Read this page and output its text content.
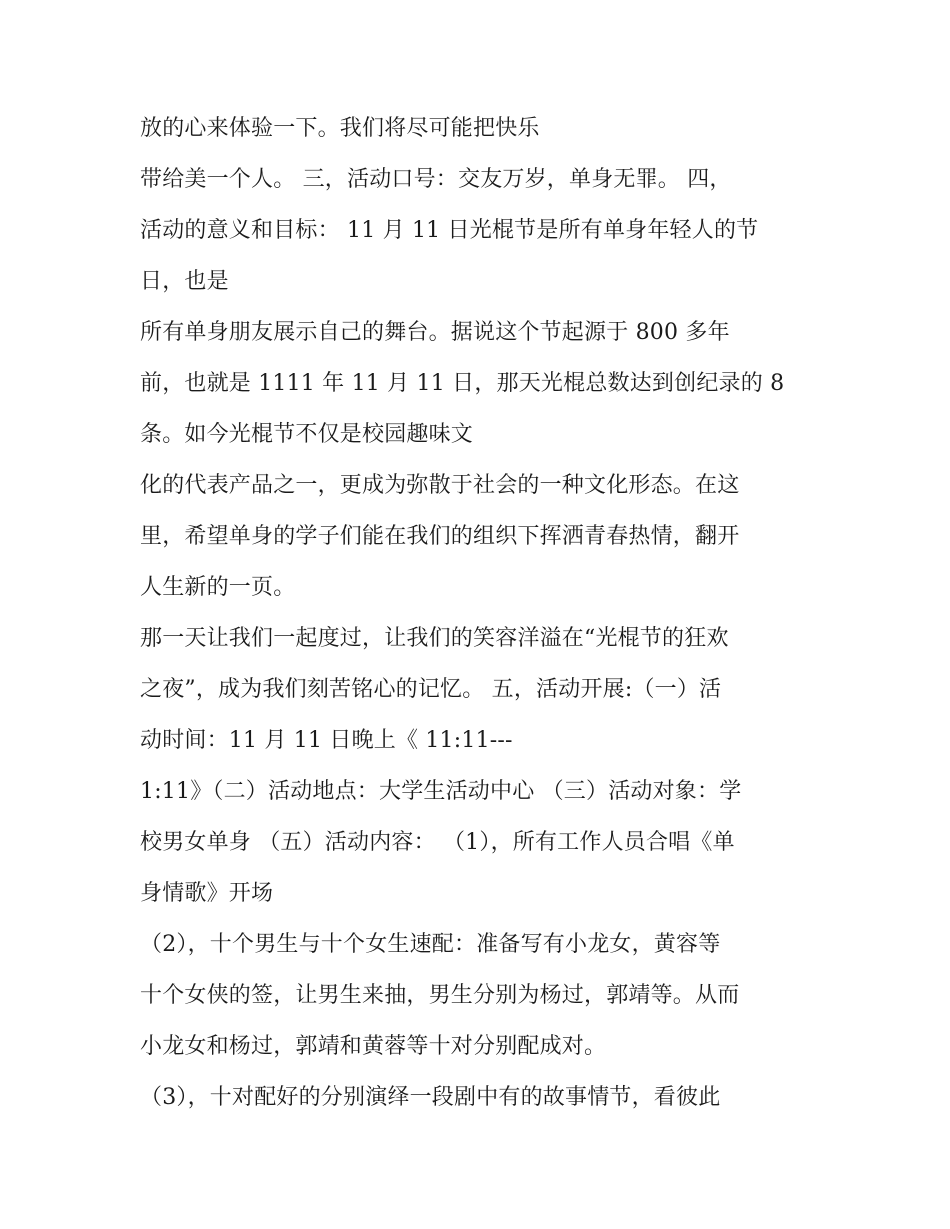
放的心来体验一下。我们将尽可能把快乐
带给美一个人。 三，活动口号：交友万岁，单身无罪。 四，
活动的意义和目标： 11 月 11 日光棍节是所有单身年轻人的节
日，也是
所有单身朋友展示自己的舞台。据说这个节起源于 800 多年
前，也就是 1111 年 11 月 11 日，那天光棍总数达到创纪录的 8
条。如今光棍节不仅是校园趣味文
化的代表产品之一，更成为弥散于社会的一种文化形态。在这
里，希望单身的学子们能在我们的组织下挥洒青春热情，翻开
人生新的一页。
那一天让我们一起度过，让我们的笑容洋溢在“光棍节的狂欢
之夜”，成为我们刻苦铭心的记忆。 五，活动开展:（一）活
动时间：11 月 11 日晚上《 11:11---
1:11》（二）活动地点：大学生活动中心 （三）活动对象：学
校男女单身 （五）活动内容： （1），所有工作人员合唱《单
身情歌》开场
（2），十个男生与十个女生速配：准备写有小龙女，黄容等
十个女侠的签，让男生来抽，男生分别为杨过，郭靖等。从而
小龙女和杨过，郭靖和黄蓉等十对分别配成对。
（3），十对配好的分别演绎一段剧中有的故事情节，看彼此
